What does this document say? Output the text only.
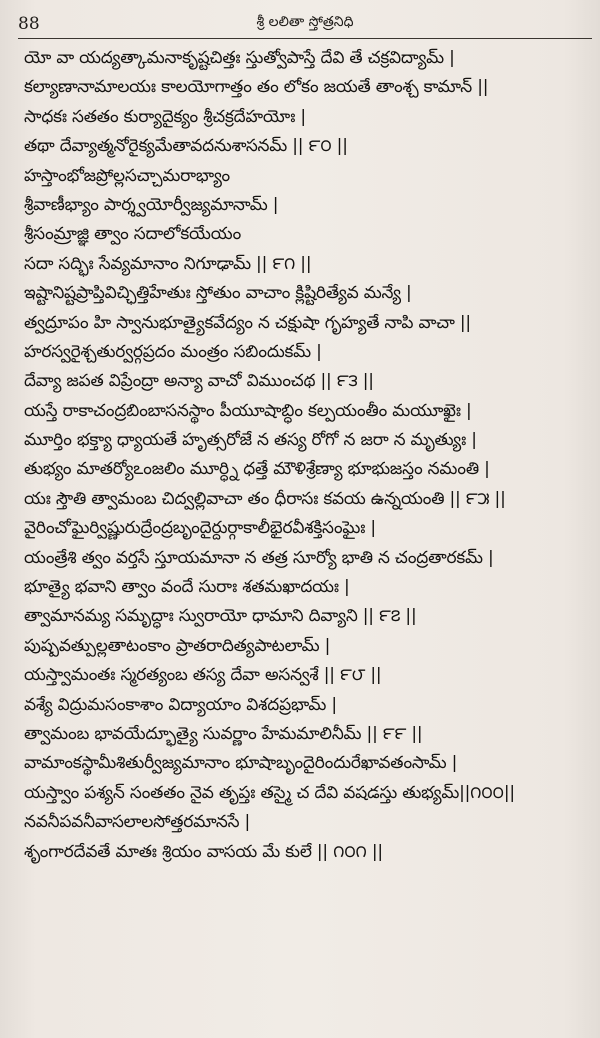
88	శ్రీ లలితా స్తోత్రనిధి
యో వా యద్యత్కామనాకృష్టచిత్తః స్తుత్వోపాస్తే దేవి తే చక్రవిద్యామ్ |
కల్యాణానామాలయః కాలయోగాత్తం తం లోకం జయతే తాంశ్చ కామాన్ ||
సాధకః సతతం కుర్యాదైక్యం శ్రీచక్రదేహయోః |
తథా దేవ్యాత్మనోరైక్యమేతావదనుశాసనమ్ || ౯౦ ||
హస్తాంభోజప్రోల్లసచ్చామరాభ్యాం
శ్రీవాణీభ్యాం పార్శ్వయోర్వీజ్యమానామ్ |
శ్రీసంమ్రాజ్ఞి త్వాం సదాలోకయేయం
సదా సద్భిః సేవ్యమానాం నిగూఢామ్ || ౯౧ ||
ఇష్టానిష్టప్రాప్తివిచ్ఛిత్తిహేతుః స్తోతుం వాచాం క్లిష్టిరిత్యేవ మన్యే |
త్వద్రూపం హి స్వానుభూత్యైకవేద్యం న చక్షుషా గృహ్యతే నాపి వాచా ||
హరస్వరైశ్చతుర్వర్గప్రదం మంత్రం సబిందుకమ్ |
దేవ్యా జపత విప్రేంద్రా అన్యా వాచో విముంచథ || ౯౩ ||
యస్తే రాకాచంద్రబింబాసనస్థాం పీయూషాబ్ధిం కల్పయంతీం మయూఖైః |
మూర్తిం భక్త్యా ధ్యాయతే హృత్సరోజే న తస్య రోగో న జరా న మృత్యుః |
తుభ్యం మాతర్యోఽంజలిం మూర్ధ్ని ధత్తే మౌళిశ్రేణ్యా భూభుజస్తం నమంతి |
యః స్తౌతి త్వామంబ చిద్వల్లివాచా తం ధీరాసః కవయ ఉన్నయంతి || ౯౫ ||
వైరించోఘైర్విష్ణురుద్రేంద్రబృందైర్దుర్గాకాలీభైరవీశక్తిసంఘైః |
యంత్రేశి త్వం వర్తసే స్తూయమానా న తత్ర సూర్యో భాతి న చంద్రతారకమ్ |
భూత్యై భవాని త్వాం వందే సురాః శతమఖాదయః |
త్వామానమ్య సమృద్ధాః స్వురాయో ధామాని దివ్యాని || ౯౭ ||
పుష్పవత్పుల్లతాటంకాం ప్రాతరాదిత్యపాటలామ్ |
యస్త్వామంతః స్మరత్యంబ తస్య దేవా అసన్వశే || ౯౮ ||
వశ్యే విద్రుమసంకాశాం విద్యాయాం విశదప్రభామ్ |
త్వామంబ భావయేద్భూత్యై సువర్ణాం హేమమాలినీమ్ || ౯౯ ||
వామాంకస్థామీశితుర్వీజ్యమానాం భూషాబృందైరిందురేఖావతంసామ్ |
యస్త్వాం పశ్యన్ సంతతం నైవ తృప్తః తస్మై చ దేవి వషడస్తు తుభ్యమ్||౧౦౦||
నవనీపవనీవాసలాలసోత్తరమానసే |
శృంగారదేవతే మాతః శ్రియం వాసయ మే కులే || ౧౦౧ ||
